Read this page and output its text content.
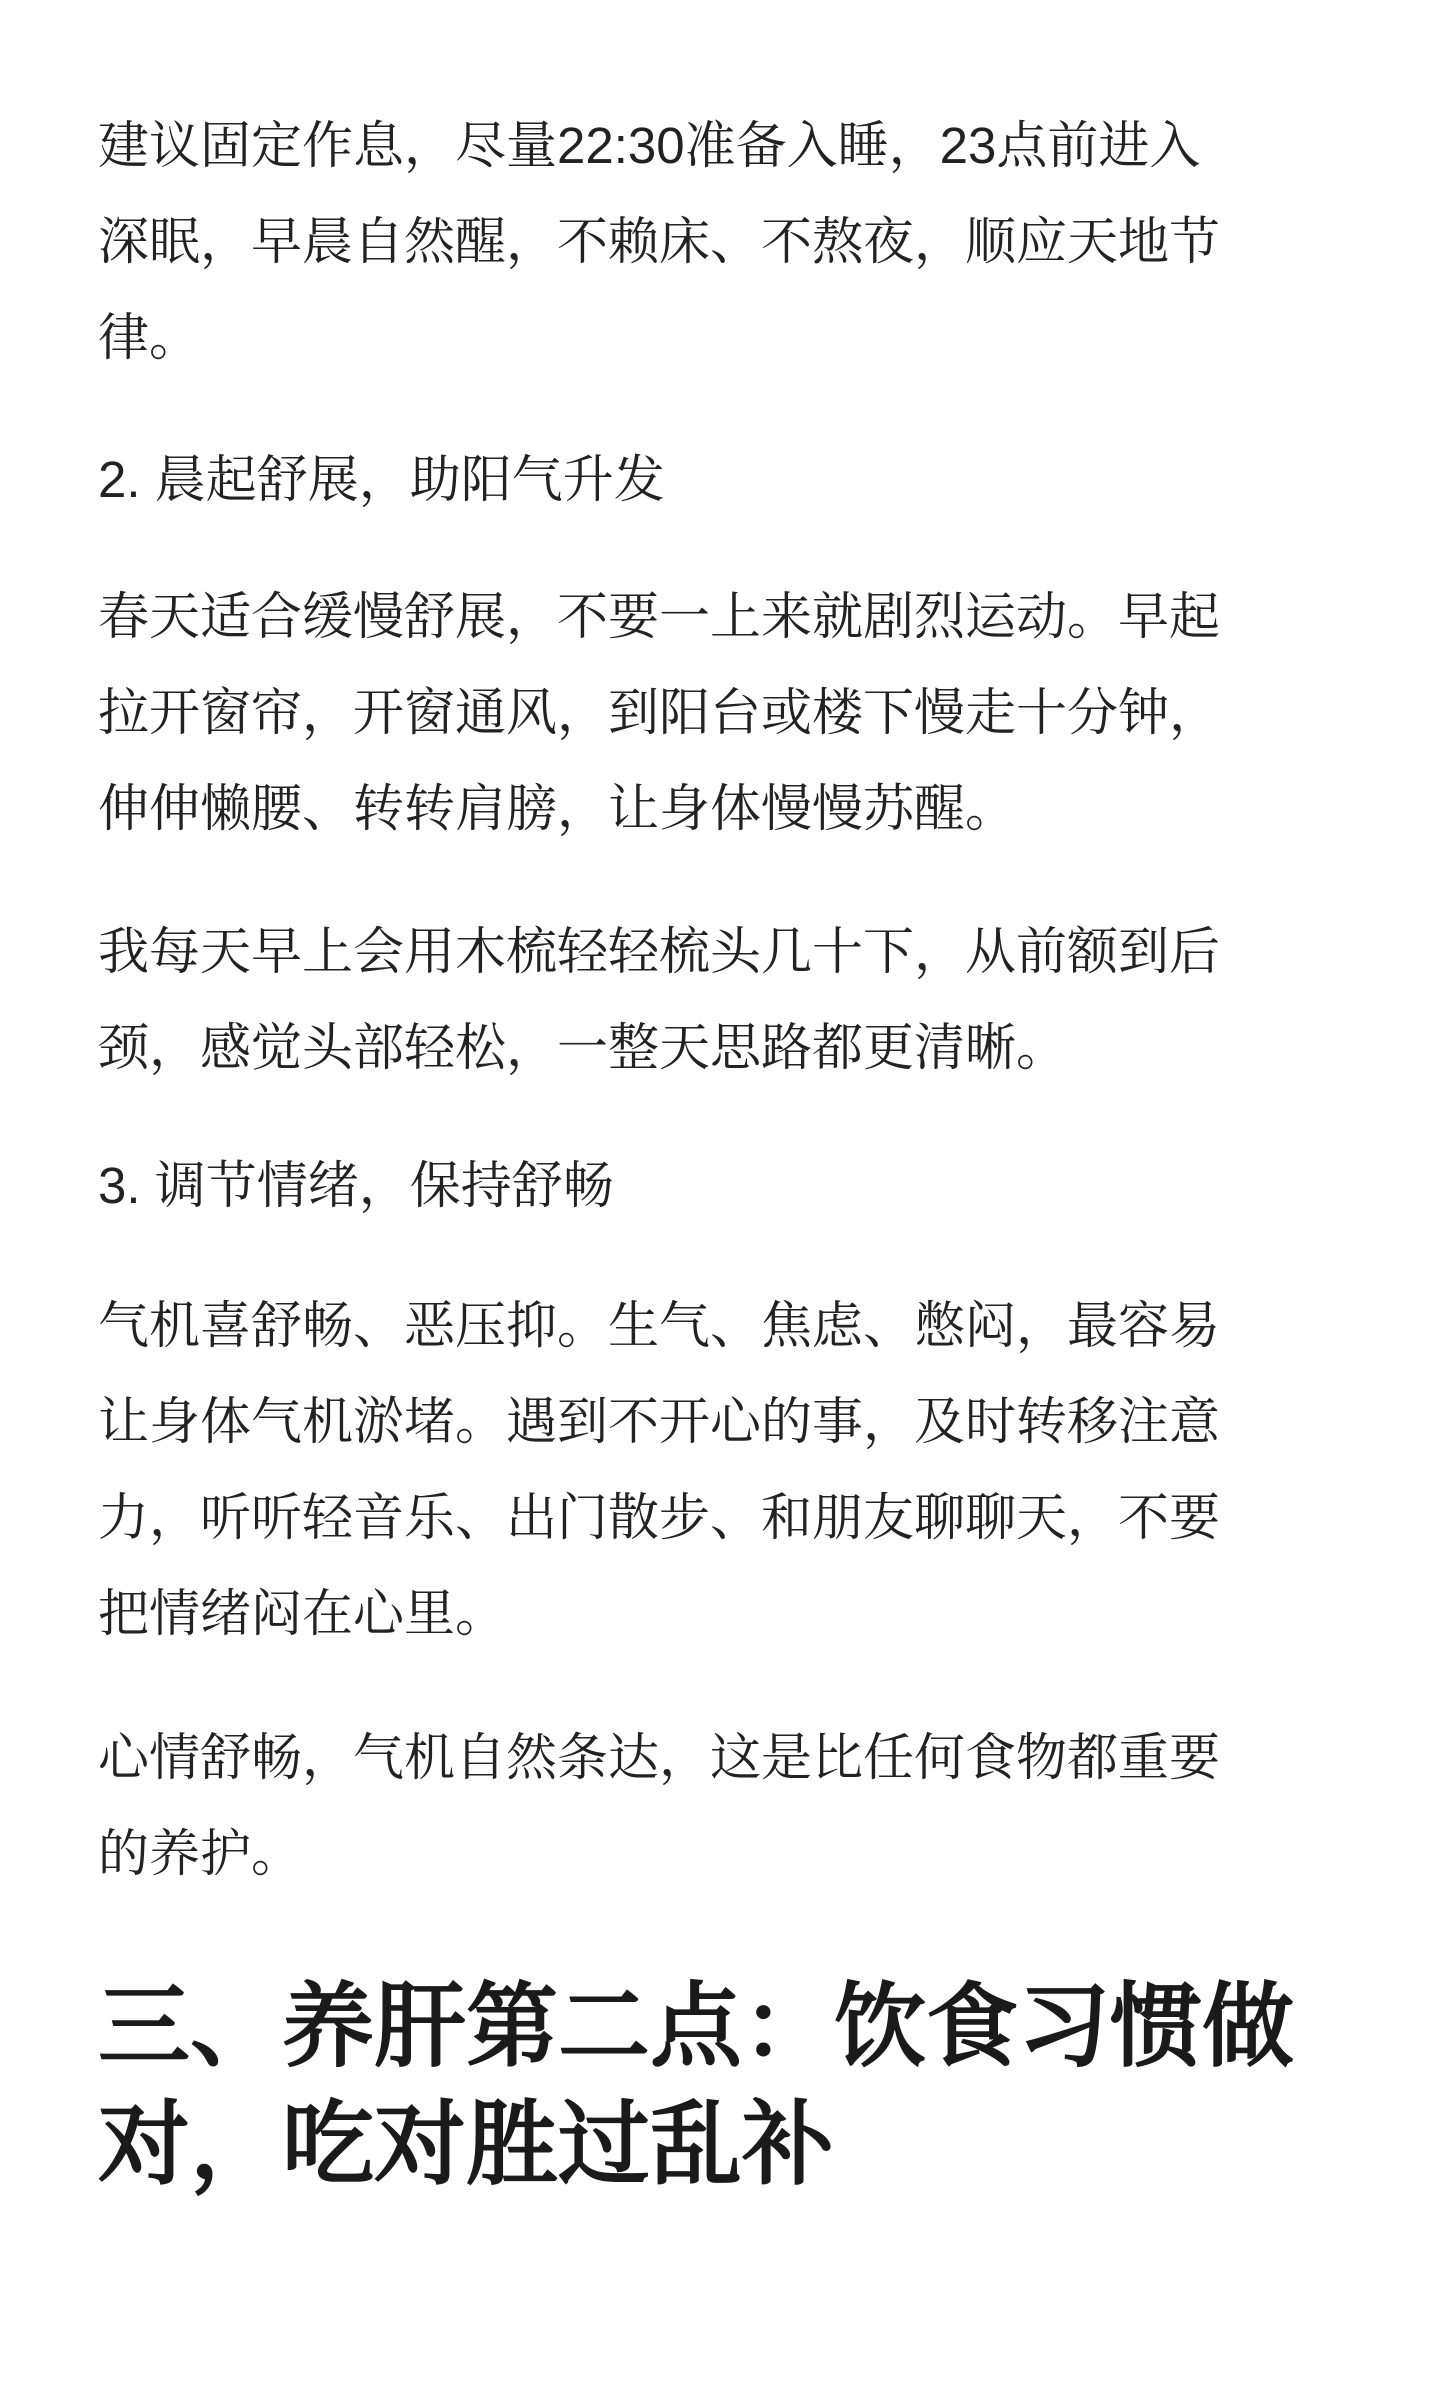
建议固定作息，尽量22:30准备入睡，23点前进入
深眠，早晨自然醒，不赖床、不熬夜，顺应天地节
律。
2. 晨起舒展，助阳气升发
春天适合缓慢舒展，不要一上来就剧烈运动。早起
拉开窗帘，开窗通风，到阳台或楼下慢走十分钟，
伸伸懒腰、转转肩膀，让身体慢慢苏醒。
我每天早上会用木梳轻轻梳头几十下，从前额到后
颈，感觉头部轻松，一整天思路都更清晰。
3. 调节情绪，保持舒畅
气机喜舒畅、恶压抑。生气、焦虑、憋闷，最容易
让身体气机淤堵。遇到不开心的事，及时转移注意
力，听听轻音乐、出门散步、和朋友聊聊天，不要
把情绪闷在心里。
心情舒畅，气机自然条达，这是比任何食物都重要
的养护。
三、养肝第二点：饮食习惯做
对，吃对胜过乱补
